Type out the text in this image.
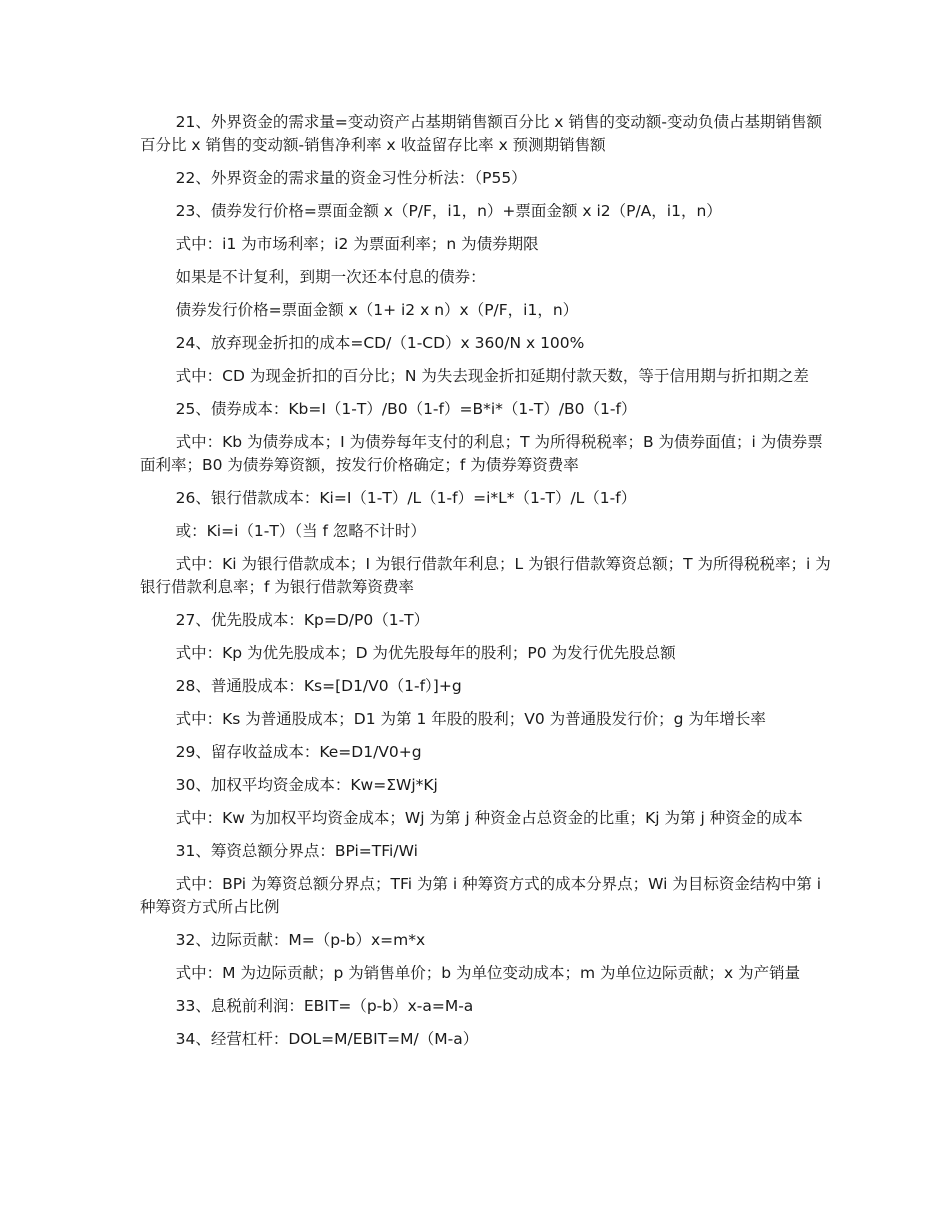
21、外界资金的需求量=变动资产占基期销售额百分比 x 销售的变动额-变动负债占基期销售额百分比 x 销售的变动额-销售净利率 x 收益留存比率 x 预测期销售额

22、外界资金的需求量的资金习性分析法：（P55）

23、债券发行价格=票面金额 x（P/F，i1，n）+票面金额 x i2（P/A，i1，n）

式中：i1 为市场利率；i2 为票面利率；n 为债券期限

如果是不计复利，到期一次还本付息的债券：

债券发行价格=票面金额 x（1+ i2 x n）x（P/F，i1，n）

24、放弃现金折扣的成本=CD/（1-CD）x 360/N x 100%

式中：CD 为现金折扣的百分比；N 为失去现金折扣延期付款天数，等于信用期与折扣期之差

25、债券成本：Kb=I（1-T）/B0（1-f）=B*i*（1-T）/B0（1-f）

式中：Kb 为债券成本；I 为债券每年支付的利息；T 为所得税税率；B 为债券面值；i 为债券票面利率；B0 为债券筹资额，按发行价格确定；f 为债券筹资费率

26、银行借款成本：Ki=I（1-T）/L（1-f）=i*L*（1-T）/L（1-f）

或：Ki=i（1-T）（当 f 忽略不计时）

式中：Ki 为银行借款成本；I 为银行借款年利息；L 为银行借款筹资总额；T 为所得税税率；i 为银行借款利息率；f 为银行借款筹资费率

27、优先股成本：Kp=D/P0（1-T）

式中：Kp 为优先股成本；D 为优先股每年的股利；P0 为发行优先股总额

28、普通股成本：Ks=[D1/V0（1-f）]+g

式中：Ks 为普通股成本；D1 为第 1 年股的股利；V0 为普通股发行价；g 为年增长率

29、留存收益成本：Ke=D1/V0+g

30、加权平均资金成本：Kw=ΣWj*Kj

式中：Kw 为加权平均资金成本；Wj 为第 j 种资金占总资金的比重；Kj 为第 j 种资金的成本

31、筹资总额分界点：BPi=TFi/Wi

式中：BPi 为筹资总额分界点；TFi 为第 i 种筹资方式的成本分界点；Wi 为目标资金结构中第 i 种筹资方式所占比例

32、边际贡献：M=（p-b）x=m*x

式中：M 为边际贡献；p 为销售单价；b 为单位变动成本；m 为单位边际贡献；x 为产销量

33、息税前利润：EBIT=（p-b）x-a=M-a

34、经营杠杆：DOL=M/EBIT=M/（M-a）
